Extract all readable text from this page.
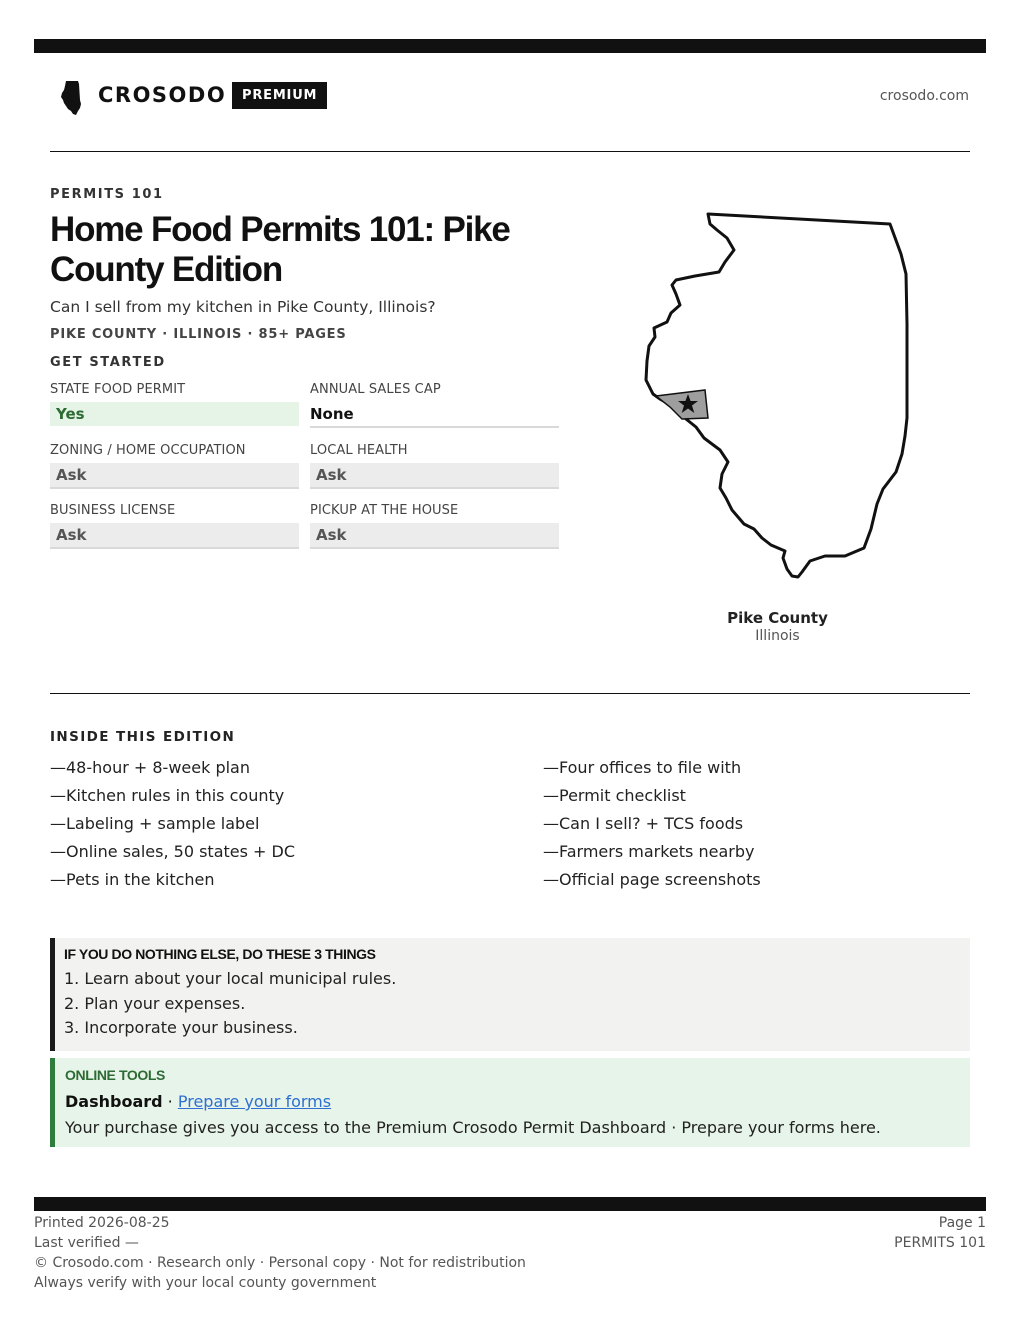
CROSODO	PREMIUM	crosodo.com
PERMITS 101
Home Food Permits 101: Pike County Edition
Can I sell from my kitchen in Pike County, Illinois?
PIKE COUNTY · ILLINOIS · 85+ PAGES
GET STARTED
STATE FOOD PERMIT
Yes
ANNUAL SALES CAP
None
ZONING / HOME OCCUPATION
Ask
LOCAL HEALTH
Ask
BUSINESS LICENSE
Ask
PICKUP AT THE HOUSE
Ask
Pike County
Illinois
INSIDE THIS EDITION
—48-hour + 8-week plan
—Kitchen rules in this county
—Labeling + sample label
—Online sales, 50 states + DC
—Pets in the kitchen
—Four offices to file with
—Permit checklist
—Can I sell? + TCS foods
—Farmers markets nearby
—Official page screenshots
IF YOU DO NOTHING ELSE, DO THESE 3 THINGS
1. Learn about your local municipal rules.
2. Plan your expenses.
3. Incorporate your business.
ONLINE TOOLS
Dashboard · Prepare your forms
Your purchase gives you access to the Premium Crosodo Permit Dashboard · Prepare your forms here.
Printed 2026-08-25
Last verified —
© Crosodo.com · Research only · Personal copy · Not for redistribution
Always verify with your local county government
Page 1
PERMITS 101
